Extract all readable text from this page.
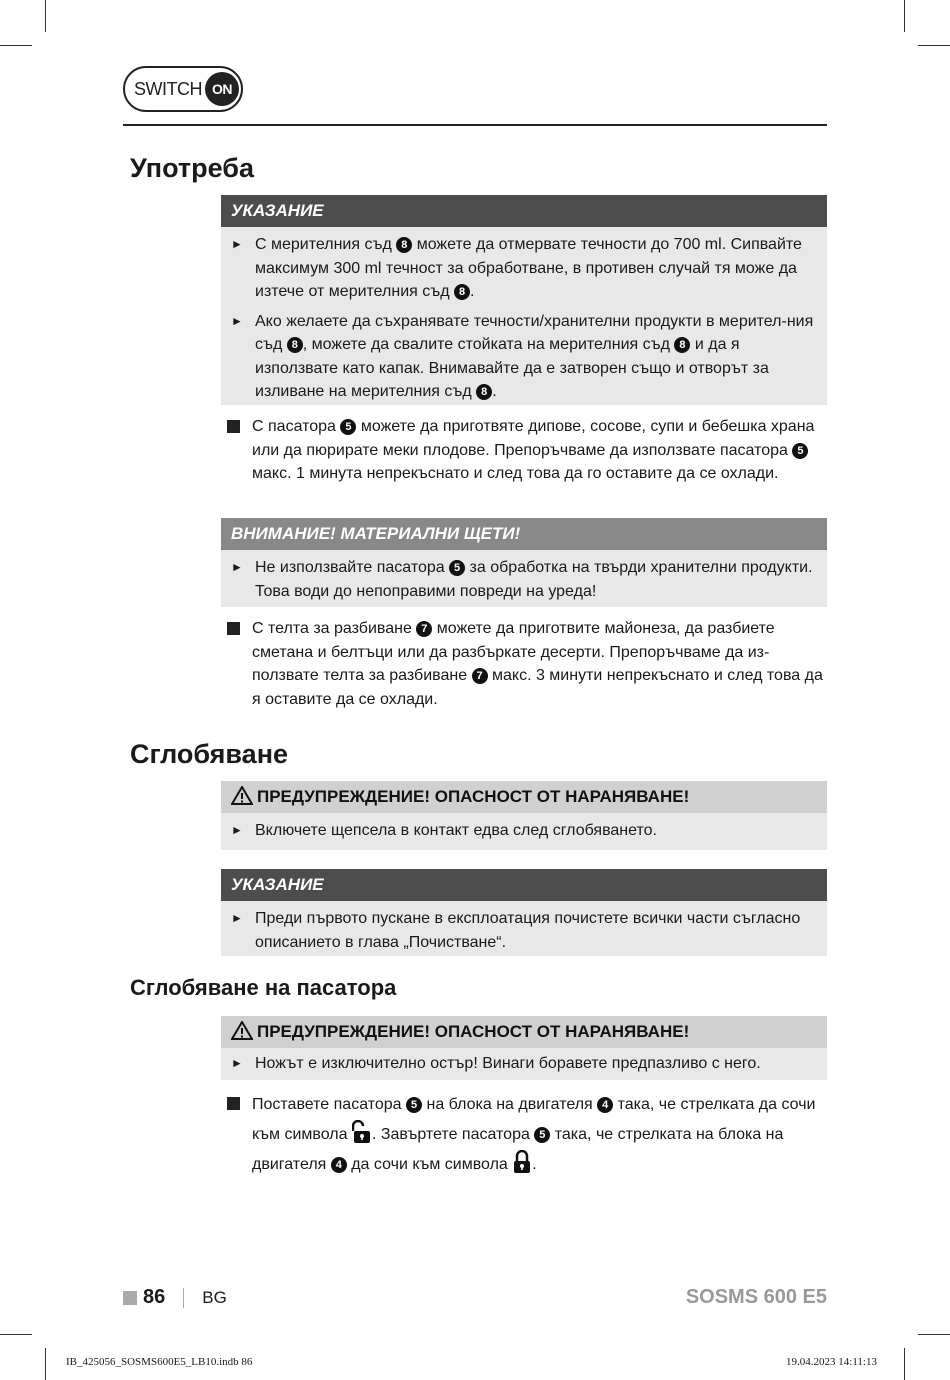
SWITCH ON
Употреба
УКАЗАНИЕ
► С мерителния съд 8 можете да отмервате течности до 700 ml. Сипвайте максимум 300 ml течност за обработване, в противен случай тя може да изтече от мерителния съд 8 .
► Ако желаете да съхранявате течности/хранителни продукти в мерител-ния съд 8 , можете да свалите стойката на мерителния съд 8 и да я използвате като капак. Внимавайте да е затворен също и отворът за изливане на мерителния съд 8 .
С пасатора 5 можете да приготвяте дипове, сосове, супи и бебешка храна или да пюрирате меки плодове. Препоръчваме да използвате пасатора 5 макс. 1 минута непрекъснато и след това да го оставите да се охлади.
ВНИМАНИЕ! МАТЕРИАЛНИ ЩЕТИ!
► Не използвайте пасатора 5 за обработка на твърди хранителни продукти. Това води до непоправими повреди на уреда!
С телта за разбиване 7 можете да приготвите майонеза, да разбиете сметана и белтъци или да разбъркате десерти. Препоръчваме да из-ползвате телта за разбиване 7 макс. 3 минути непрекъснато и след това да я оставите да се охлади.
Сглобяване
ПРЕДУПРЕЖДЕНИЕ! ОПАСНОСТ ОТ НАРАНЯВАНЕ!
► Включете щепсела в контакт едва след сглобяването.
УКАЗАНИЕ
► Преди първото пускане в експлоатация почистете всички части съгласно описанието в глава „Почистване“.
Сглобяване на пасатора
ПРЕДУПРЕЖДЕНИЕ! ОПАСНОСТ ОТ НАРАНЯВАНЕ!
► Ножът е изключително остър! Винаги боравете предпазливо с него.
Поставете пасатора 5 на блока на двигателя 4 така, че стрелката да сочи към символа . Завъртете пасатора 5 така, че стрелката на блока на двигателя 4 да сочи към символа .
86 BG	SOSMS 600 E5
IB_425056_SOSMS600E5_LB10.indb 86	19.04.2023 14:11:13
